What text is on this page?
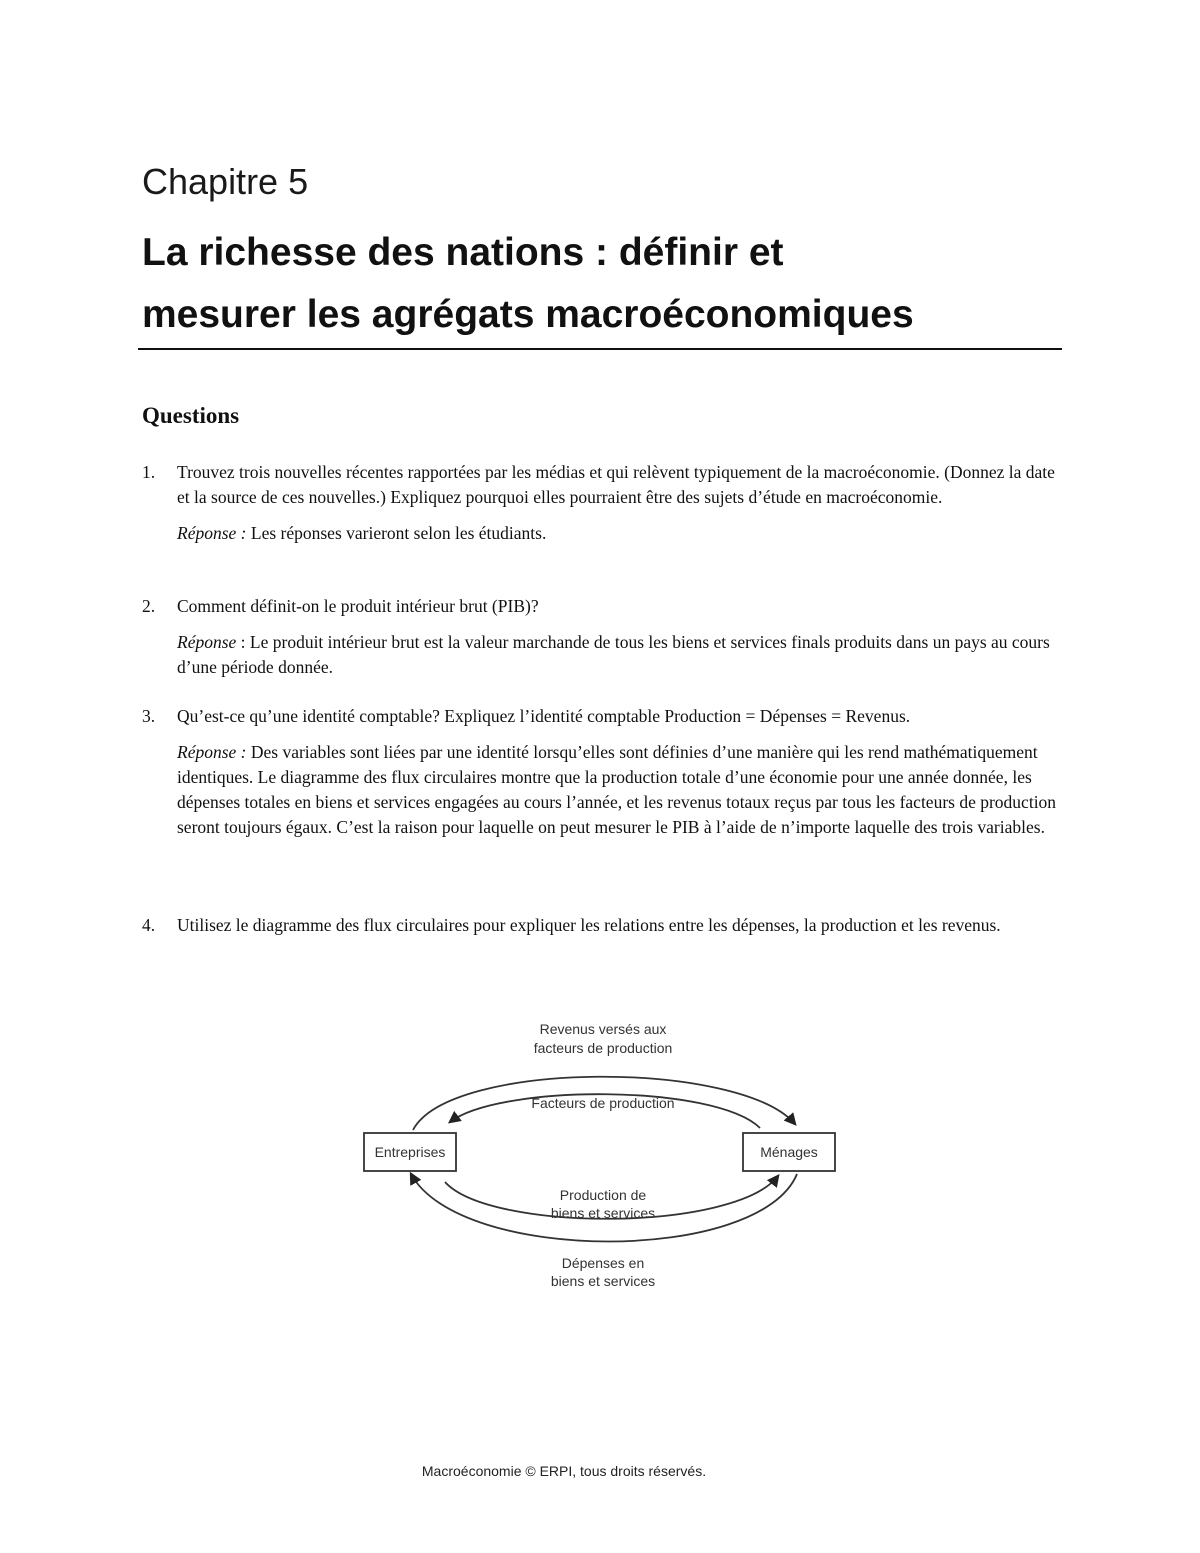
Chapitre 5
La richesse des nations : définir et
mesurer les agrégats macroéconomiques
Questions
1.	Trouvez trois nouvelles récentes rapportées par les médias et qui relèvent typiquement de la macroéconomie. (Donnez la date et la source de ces nouvelles.) Expliquez pourquoi elles pourraient être des sujets d’étude en macroéconomie.
Réponse : Les réponses varieront selon les étudiants.
2.	Comment définit-on le produit intérieur brut (PIB)?
Réponse : Le produit intérieur brut est la valeur marchande de tous les biens et services finals produits dans un pays au cours d’une période donnée.
3.	Qu’est-ce qu’une identité comptable? Expliquez l’identité comptable Production = Dépenses = Revenus.
Réponse : Des variables sont liées par une identité lorsqu’elles sont définies d’une manière qui les rend mathématiquement identiques. Le diagramme des flux circulaires montre que la production totale d’une économie pour une année donnée, les dépenses totales en biens et services engagées au cours l’année, et les revenus totaux reçus par tous les facteurs de production seront toujours égaux. C’est la raison pour laquelle on peut mesurer le PIB à l’aide de n’importe laquelle des trois variables.
4.	Utilisez le diagramme des flux circulaires pour expliquer les relations entre les dépenses, la production et les revenus.
Entreprises	Ménages
Revenus versés aux
facteurs de production
Facteurs de production
Production de
biens et services
Dépenses en
biens et services
Macroéconomie © ERPI, tous droits réservés.
